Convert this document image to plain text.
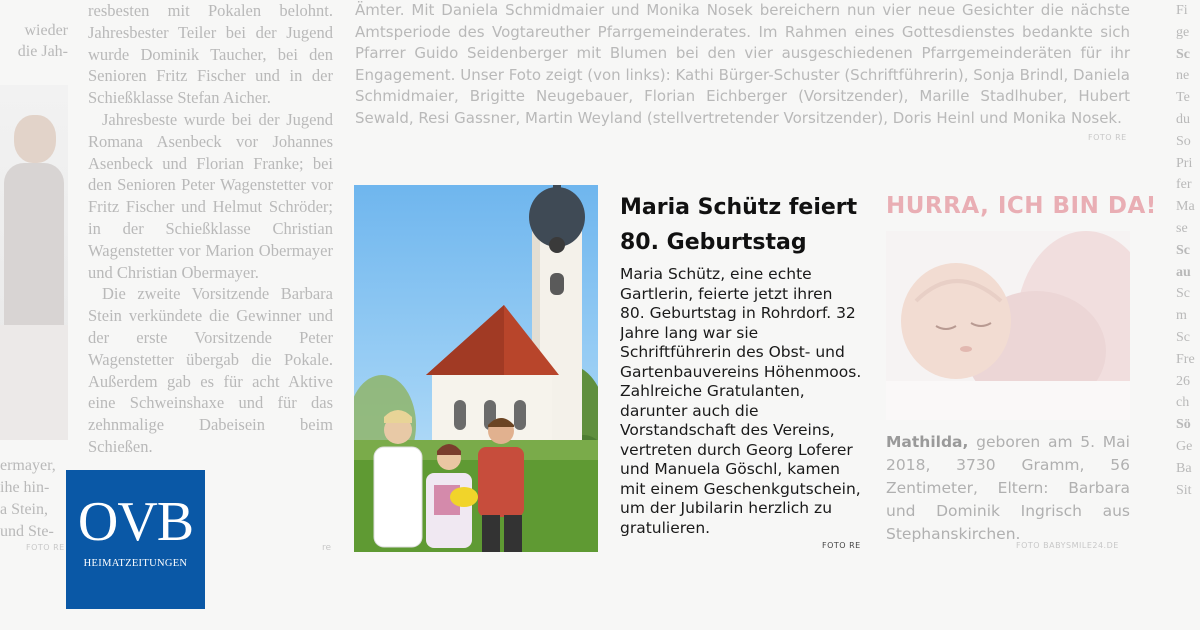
wieder
die Jah-
ermayer,
ihe hin-
a Stein,
und Ste-
FOTO RE

resbesten mit Pokalen belohnt. Jahresbester Teiler bei der Jugend wurde Dominik Taucher, bei den Senioren Fritz Fischer und in der Schießklasse Stefan Aicher.

Jahresbeste wurde bei der Jugend Romana Asenbeck vor Johannes Asenbeck und Florian Franke; bei den Senioren Peter Wagenstetter vor Fritz Fischer und Helmut Schröder; in der Schießklasse Christian Wagenstetter vor Marion Obermayer und Christian Obermayer.

Die zweite Vorsitzende Barbara Stein verkündete die Gewinner und der erste Vorsitzende Peter Wagenstetter übergab die Pokale. Außerdem gab es für acht Aktive eine Schweinshaxe und für das zehnmalige Dabeisein beim Schießen.

re
Ämter. Mit Daniela Schmidmaier und Monika Nosek bereichern nun vier neue Gesichter die nächste Amtsperiode des Vogtareuther Pfarrgemeinderates. Im Rahmen eines Gottesdienstes bedankte sich Pfarrer Guido Seidenberger mit Blumen bei den vier ausgeschiedenen Pfarrgemeinderäten für ihr Engagement. Unser Foto zeigt (von links): Kathi Bürger-Schuster (Schriftführerin), Sonja Brindl, Daniela Schmidmaier, Brigitte Neugebauer, Florian Eichberger (Vorsitzender), Marille Stadlhuber, Hubert Sewald, Resi Gassner, Martin Weyland (stellvertretender Vorsitzender), Doris Heinl und Monika Nosek.
FOTO RE
Fi
ge
Sc
ne
Te
du
So
Pri
fer
Ma
se
Sc
au
Sc
m
Sc
Fre
26
ch
Sö
Ge
Ba
Sit
Maria Schütz feiert 80. Geburtstag
Maria Schütz, eine echte Gartlerin, feierte jetzt ihren 80. Geburtstag in Rohrdorf. 32 Jahre lang war sie Schriftführerin des Obst- und Gartenbauvereins Höhenmoos. Zahlreiche Gratulanten, darunter auch die Vorstandschaft des Vereins, vertreten durch Georg Loferer und Manuela Göschl, kamen mit einem Geschenkgutschein, um der Jubilarin herzlich zu gratulieren.
FOTO RE
HURRA, ICH BIN DA!
Mathilda, geboren am 5. Mai 2018, 3730 Gramm, 56 Zentimeter, Eltern: Barbara und Dominik Ingrisch aus Stephanskirchen.
FOTO BABYSMILE24.DE
OVB
HEIMATZEITUNGEN
